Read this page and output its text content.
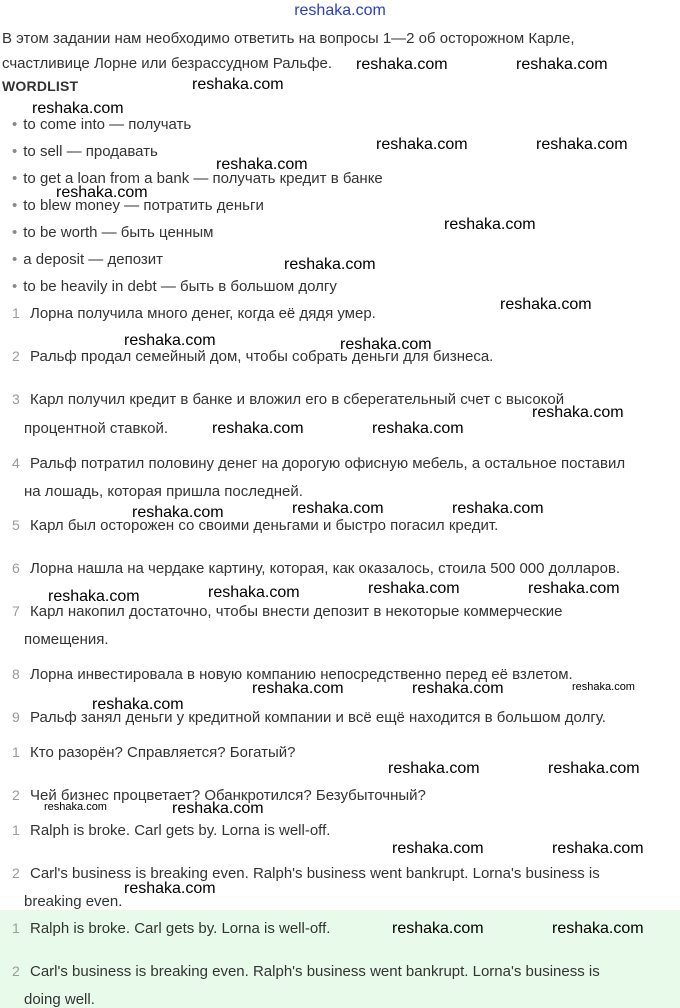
reshaka.com
В этом задании нам необходимо ответить на вопросы 1—2 об осторожном Карле,
счастливице Лорне или безрассудном Ральфе.
WORDLIST
• to come into — получать
• to sell — продавать
• to get a loan from a bank — получать кредит в банке
• to blew money — потратить деньги
• to be worth — быть ценным
• a deposit — депозит
• to be heavily in debt — быть в большом долгу
1 Лорна получила много денег, когда её дядя умер.
2 Ральф продал семейный дом, чтобы собрать деньги для бизнеса.
3 Карл получил кредит в банке и вложил его в сберегательный счет с высокой
процентной ставкой.
4 Ральф потратил половину денег на дорогую офисную мебель, а остальное поставил
на лошадь, которая пришла последней.
5 Карл был осторожен со своими деньгами и быстро погасил кредит.
6 Лорна нашла на чердаке картину, которая, как оказалось, стоила 500 000 долларов.
7 Карл накопил достаточно, чтобы внести депозит в некоторые коммерческие
помещения.
8 Лорна инвестировала в новую компанию непосредственно перед её взлетом.
9 Ральф занял деньги у кредитной компании и всё ещё находится в большом долгу.
1 Кто разорён? Справляется? Богатый?
2 Чей бизнес процветает? Обанкротился? Безубыточный?
1 Ralph is broke. Carl gets by. Lorna is well-off.
2 Carl's business is breaking even. Ralph's business went bankrupt. Lorna's business is
breaking even.
1 Ralph is broke. Carl gets by. Lorna is well-off.
2 Carl's business is breaking even. Ralph's business went bankrupt. Lorna's business is
doing well.
reshaka.com	reshaka.com
reshaka.com
reshaka.com
reshaka.com	reshaka.com
reshaka.com
reshaka.com
reshaka.com
reshaka.com
reshaka.com
reshaka.com	reshaka.com
reshaka.com
reshaka.com	reshaka.com
reshaka.com	reshaka.com	reshaka.com
reshaka.com	reshaka.com	reshaka.com	reshaka.com
reshaka.com	reshaka.com	reshaka.com
reshaka.com
reshaka.com	reshaka.com
reshaka.com	reshaka.com
reshaka.com	reshaka.com
reshaka.com
reshaka.com	reshaka.com
